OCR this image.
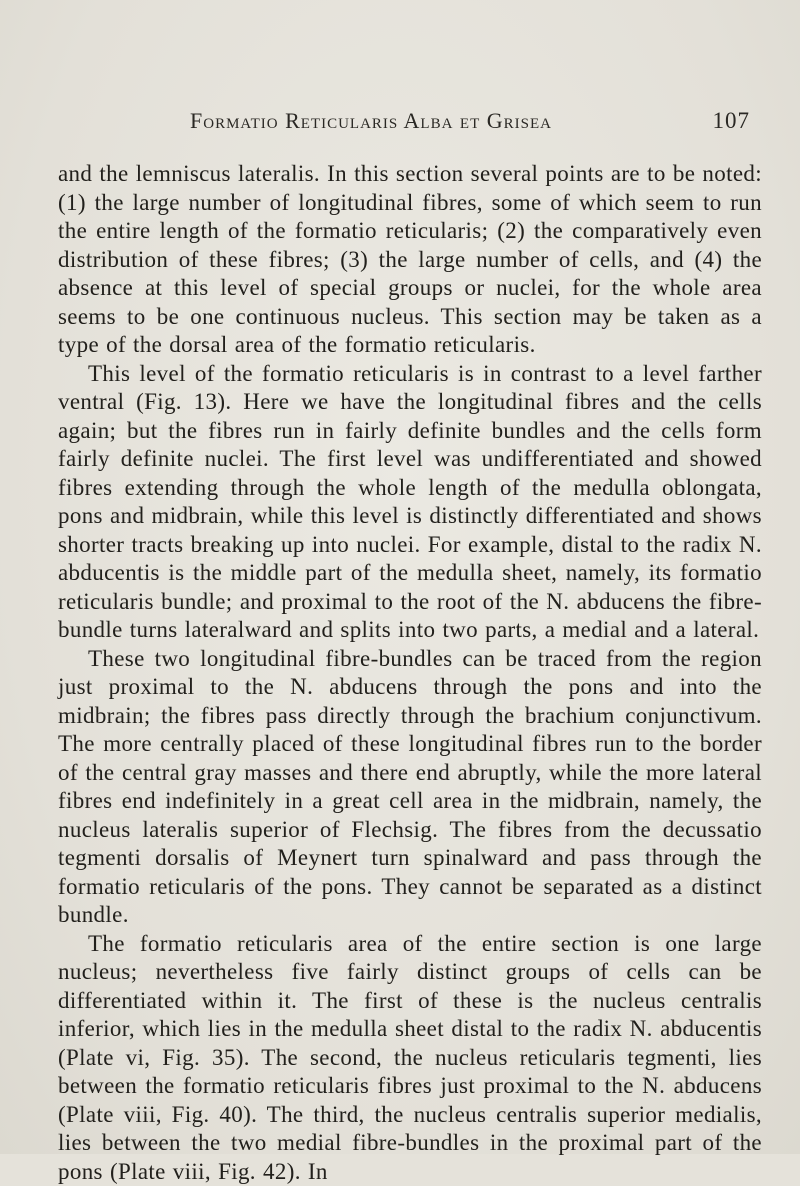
Formatio Reticularis Alba et Grisea	107

and the lemniscus lateralis. In this section several points are to be noted: (1) the large number of longitudinal fibres, some of which seem to run the entire length of the formatio reticularis; (2) the comparatively even distribution of these fibres; (3) the large number of cells, and (4) the absence at this level of special groups or nuclei, for the whole area seems to be one continuous nucleus. This section may be taken as a type of the dorsal area of the formatio reticularis.

This level of the formatio reticularis is in contrast to a level farther ventral (Fig. 13). Here we have the longitudinal fibres and the cells again; but the fibres run in fairly definite bundles and the cells form fairly definite nuclei. The first level was undifferentiated and showed fibres extending through the whole length of the medulla oblongata, pons and midbrain, while this level is distinctly differentiated and shows shorter tracts breaking up into nuclei. For example, distal to the radix N. abducentis is the middle part of the medulla sheet, namely, its formatio reticularis bundle; and proximal to the root of the N. abducens the fibre-bundle turns lateralward and splits into two parts, a medial and a lateral.

These two longitudinal fibre-bundles can be traced from the region just proximal to the N. abducens through the pons and into the midbrain; the fibres pass directly through the brachium conjunctivum. The more centrally placed of these longitudinal fibres run to the border of the central gray masses and there end abruptly, while the more lateral fibres end indefinitely in a great cell area in the midbrain, namely, the nucleus lateralis superior of Flechsig. The fibres from the decussatio tegmenti dorsalis of Meynert turn spinalward and pass through the formatio reticularis of the pons. They cannot be separated as a distinct bundle.

The formatio reticularis area of the entire section is one large nucleus; nevertheless five fairly distinct groups of cells can be differentiated within it. The first of these is the nucleus centralis inferior, which lies in the medulla sheet distal to the radix N. abducentis (Plate vi, Fig. 35). The second, the nucleus reticularis tegmenti, lies between the formatio reticularis fibres just proximal to the N. abducens (Plate viii, Fig. 40). The third, the nucleus centralis superior medialis, lies between the two medial fibre-bundles in the proximal part of the pons (Plate viii, Fig. 42). In
